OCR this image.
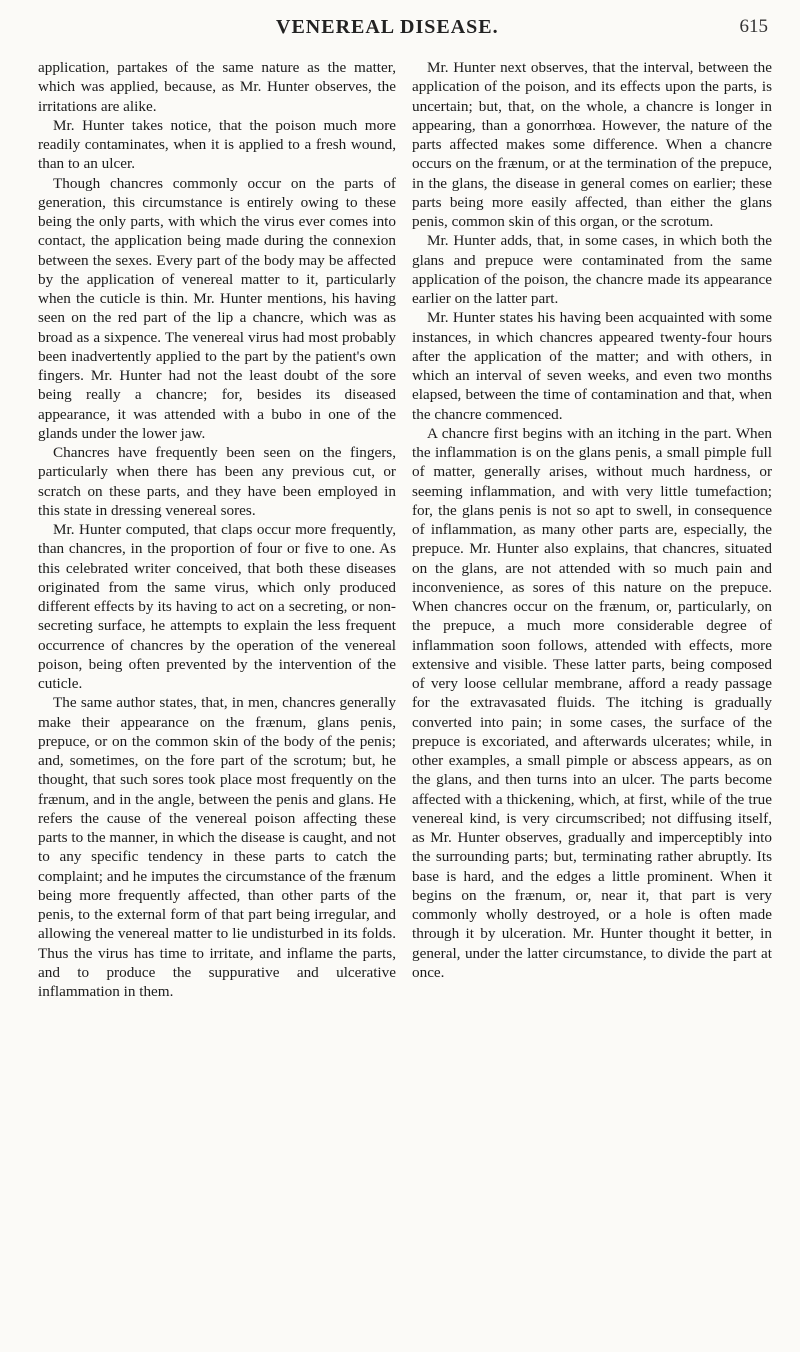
VENEREAL DISEASE.	615

application, partakes of the same nature as the matter, which was applied, because, as Mr. Hunter observes, the irritations are alike.

Mr. Hunter takes notice, that the poison much more readily contaminates, when it is applied to a fresh wound, than to an ulcer.

Though chancres commonly occur on the parts of generation, this circumstance is entirely owing to these being the only parts, with which the virus ever comes into contact, the application being made during the connexion between the sexes. Every part of the body may be affected by the application of venereal matter to it, particularly when the cuticle is thin. Mr. Hunter mentions, his having seen on the red part of the lip a chancre, which was as broad as a sixpence. The venereal virus had most probably been inadvertently applied to the part by the patient's own fingers. Mr. Hunter had not the least doubt of the sore being really a chancre; for, besides its diseased appearance, it was attended with a bubo in one of the glands under the lower jaw.

Chancres have frequently been seen on the fingers, particularly when there has been any previous cut, or scratch on these parts, and they have been employed in this state in dressing venereal sores.

Mr. Hunter computed, that claps occur more frequently, than chancres, in the proportion of four or five to one. As this celebrated writer conceived, that both these diseases originated from the same virus, which only produced different effects by its having to act on a secreting, or non-secreting surface, he attempts to explain the less frequent occurrence of chancres by the operation of the venereal poison, being often prevented by the intervention of the cuticle.

The same author states, that, in men, chancres generally make their appearance on the frænum, glans penis, prepuce, or on the common skin of the body of the penis; and, sometimes, on the fore part of the scrotum; but, he thought, that such sores took place most frequently on the frænum, and in the angle, between the penis and glans. He refers the cause of the venereal poison affecting these parts to the manner, in which the disease is caught, and not to any specific tendency in these parts to catch the complaint; and he imputes the circumstance of the frænum being more frequently affected, than other parts of the penis, to the external form of that part being irregular, and allowing the venereal matter to lie undisturbed in its folds. Thus the virus has time to irritate, and inflame the parts, and to produce the suppurative and ulcerative inflammation in them.

Mr. Hunter next observes, that the interval, between the application of the poison, and its effects upon the parts, is uncertain; but, that, on the whole, a chancre is longer in appearing, than a gonorrhœa. However, the nature of the parts affected makes some difference. When a chancre occurs on the frænum, or at the termination of the prepuce, in the glans, the disease in general comes on earlier; these parts being more easily affected, than either the glans penis, common skin of this organ, or the scrotum.

Mr. Hunter adds, that, in some cases, in which both the glans and prepuce were contaminated from the same application of the poison, the chancre made its appearance earlier on the latter part.

Mr. Hunter states his having been acquainted with some instances, in which chancres appeared twenty-four hours after the application of the matter; and with others, in which an interval of seven weeks, and even two months elapsed, between the time of contamination and that, when the chancre commenced.

A chancre first begins with an itching in the part. When the inflammation is on the glans penis, a small pimple full of matter, generally arises, without much hardness, or seeming inflammation, and with very little tumefaction; for, the glans penis is not so apt to swell, in consequence of inflammation, as many other parts are, especially, the prepuce. Mr. Hunter also explains, that chancres, situated on the glans, are not attended with so much pain and inconvenience, as sores of this nature on the prepuce. When chancres occur on the frænum, or, particularly, on the prepuce, a much more considerable degree of inflammation soon follows, attended with effects, more extensive and visible. These latter parts, being composed of very loose cellular membrane, afford a ready passage for the extravasated fluids. The itching is gradually converted into pain; in some cases, the surface of the prepuce is excoriated, and afterwards ulcerates; while, in other examples, a small pimple or abscess appears, as on the glans, and then turns into an ulcer. The parts become affected with a thickening, which, at first, while of the true venereal kind, is very circumscribed; not diffusing itself, as Mr. Hunter observes, gradually and imperceptibly into the surrounding parts; but, terminating rather abruptly. Its base is hard, and the edges a little prominent. When it begins on the frænum, or, near it, that part is very commonly wholly destroyed, or a hole is often made through it by ulceration. Mr. Hunter thought it better, in general, under the latter circumstance, to divide the part at once.
